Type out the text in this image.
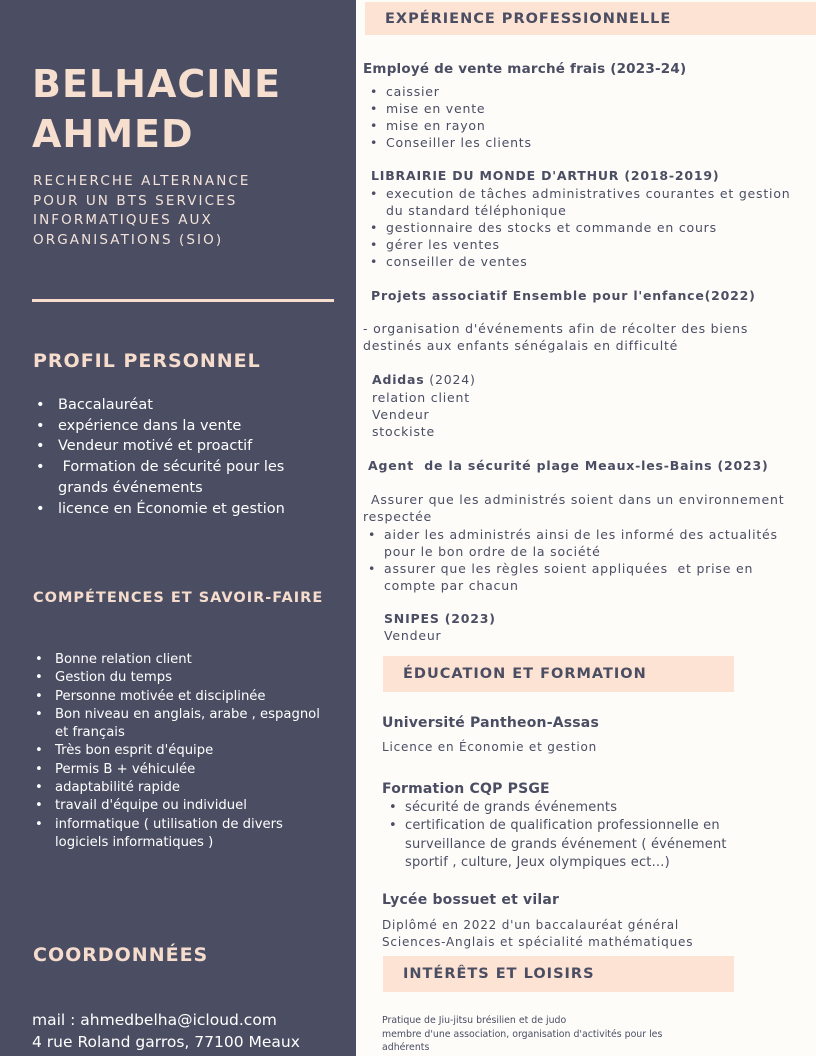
BELHACINE
AHMED
RECHERCHE ALTERNANCE
POUR UN BTS SERVICES
INFORMATIQUES AUX
ORGANISATIONS (SIO)
PROFIL PERSONNEL
• Baccalauréat
• expérience dans la vente
• Vendeur motivé et proactif
• Formation de sécurité pour les
grands événements
• licence en Économie et gestion
COMPÉTENCES ET SAVOIR-FAIRE
• Bonne relation client
• Gestion du temps
• Personne motivée et disciplinée
• Bon niveau en anglais, arabe , espagnol
et français
• Très bon esprit d'équipe
• Permis B + véhiculée
• adaptabilité rapide
• travail d'équipe ou individuel
• informatique ( utilisation de divers
logiciels informatiques )
COORDONNÉES
mail : ahmedbelha@icloud.com
4 rue Roland garros, 77100 Meaux
EXPÉRIENCE PROFESSIONNELLE
Employé de vente marché frais (2023-24)
• caissier
• mise en vente
• mise en rayon
• Conseiller les clients
LIBRAIRIE DU MONDE D'ARTHUR (2018-2019)
• execution de tâches administratives courantes et gestion
du standard téléphonique
• gestionnaire des stocks et commande en cours
• gérer les ventes
• conseiller de ventes
Projets associatif Ensemble pour l'enfance(2022)
- organisation d'événements afin de récolter des biens
destinés aux enfants sénégalais en difficulté
Adidas (2024)
relation client
Vendeur
stockiste
Agent  de la sécurité plage Meaux-les-Bains (2023)
Assurer que les administrés soient dans un environnement
respectée
• aider les administrés ainsi de les informé des actualités
pour le bon ordre de la société
• assurer que les règles soient appliquées  et prise en
compte par chacun
SNIPES (2023)
Vendeur
ÉDUCATION ET FORMATION
Université Pantheon-Assas
Licence en Économie et gestion
Formation CQP PSGE
• sécurité de grands événements
• certification de qualification professionnelle en
surveillance de grands événement ( événement
sportif , culture, Jeux olympiques ect...)
Lycée bossuet et vilar
Diplômé en 2022 d'un baccalauréat général
Sciences-Anglais et spécialité mathématiques
INTÉRÊTS ET LOISIRS
Pratique de Jiu-jitsu brésilien et de judo
membre d'une association, organisation d'activités pour les
adhérents
